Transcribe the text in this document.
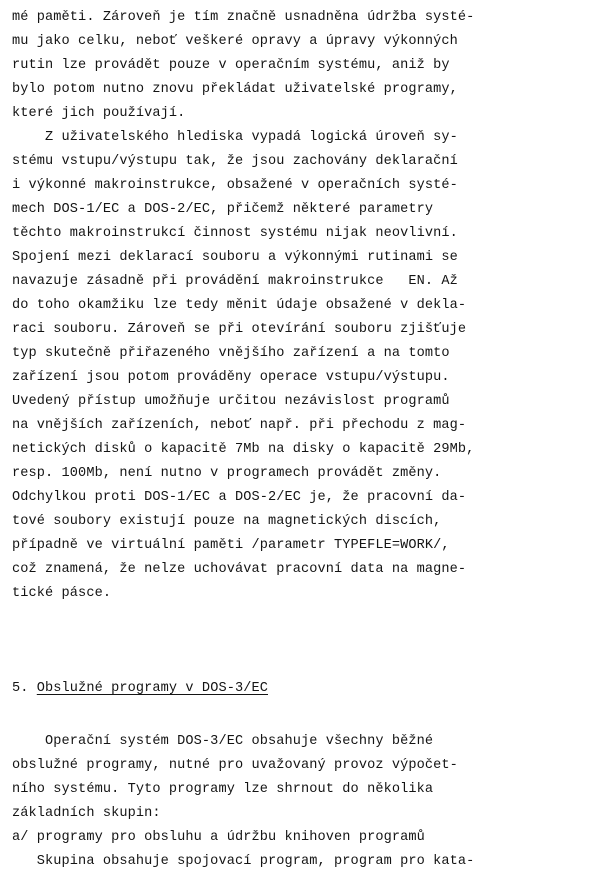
mé paměti. Zároveň je tím značně usnadněna údržba systé-
mu jako celku, neboť veškeré opravy a úpravy výkonných
rutin lze provádět pouze v operačním systému, aniž by
bylo potom nutno znovu překládat uživatelské programy,
které jich používají.
Z uživatelského hlediska vypadá logická úroveň sy-
stému vstupu/výstupu tak, že jsou zachovány deklarační
i výkonné makroinstrukce, obsažené v operačních systé-
mech DOS-1/EC a DOS-2/EC, přičemž některé parametry
těchto makroinstrukcí činnost systému nijak neovlivní.
Spojení mezi deklarací souboru a výkonnými rutinami se
navazuje zásadně při provádění makroinstrukce   EN. Až
do toho okamžiku lze tedy měnit údaje obsažené v dekla-
raci souboru. Zároveň se při otevírání souboru zjišťuje
typ skutečně přiřazeného vnějšího zařízení a na tomto
zařízení jsou potom prováděny operace vstupu/výstupu.
Uvedený přístup umožňuje určitou nezávislost programů
na vnějších zařízeních, neboť např. při přechodu z mag-
netických disků o kapacitě 7Mb na disky o kapacitě 29Mb,
resp. 100Mb, není nutno v programech provádět změny.
Odchylkou proti DOS-1/EC a DOS-2/EC je, že pracovní da-
tové soubory existují pouze na magnetických discích,
případně ve virtuální paměti /parametr TYPEFLE=WORK/,
což znamená, že nelze uchovávat pracovní data na magne-
tické pásce.
5. Obslužné programy v DOS-3/EC
Operační systém DOS-3/EC obsahuje všechny běžné
obslužné programy, nutné pro uvažovaný provoz výpočet-
ního systému. Tyto programy lze shrnout do několika
základních skupin:
a/ programy pro obsluhu a údržbu knihoven programů
Skupina obsahuje spojovací program, program pro kata-
